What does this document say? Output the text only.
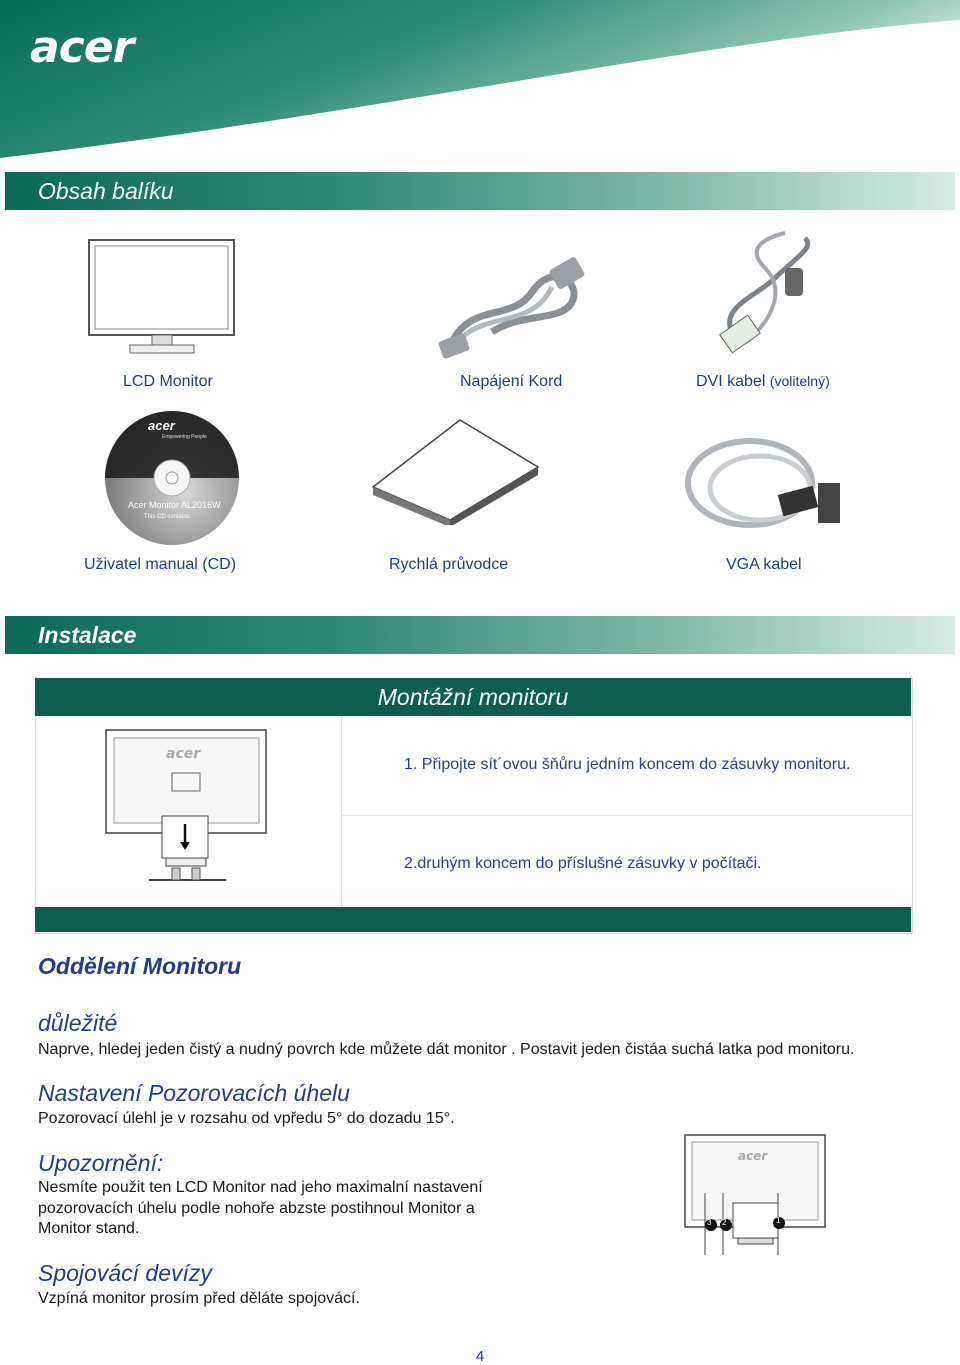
acer
Obsah balíku
LCD Monitor	Napájení Kord	DVI kabel (volitelný)
acer
Empowering People
Acer Monitor AL2016W
This CD contains:
Uživatel manual (CD)	Rychlá průvodce	VGA kabel
Instalace
Montážní monitoru
acer
1. Připojte sít´ovou šňůru jedním koncem do zásuvky monitoru.
2.druhým koncem do příslušné zásuvky v počítači.
Oddělení Monitoru
důležité
Naprve, hledej jeden čistý a nudný povrch kde můžete dát monitor . Postavit jeden čistáa suchá latka pod monitoru.
Nastavení Pozorovacích úhelu
Pozorovací úlehl je v rozsahu od vpředu 5° do dozadu 15°.
Upozornění:
Nesmíte použit ten LCD Monitor nad jeho maximalní nastavení pozorovacích úhelu podle nohoře abzste postihnoul Monitor a Monitor stand.
Spojovácí devízy
Vzpíná monitor prosím před děláte spojovácí.
acer
3 2	1
4
